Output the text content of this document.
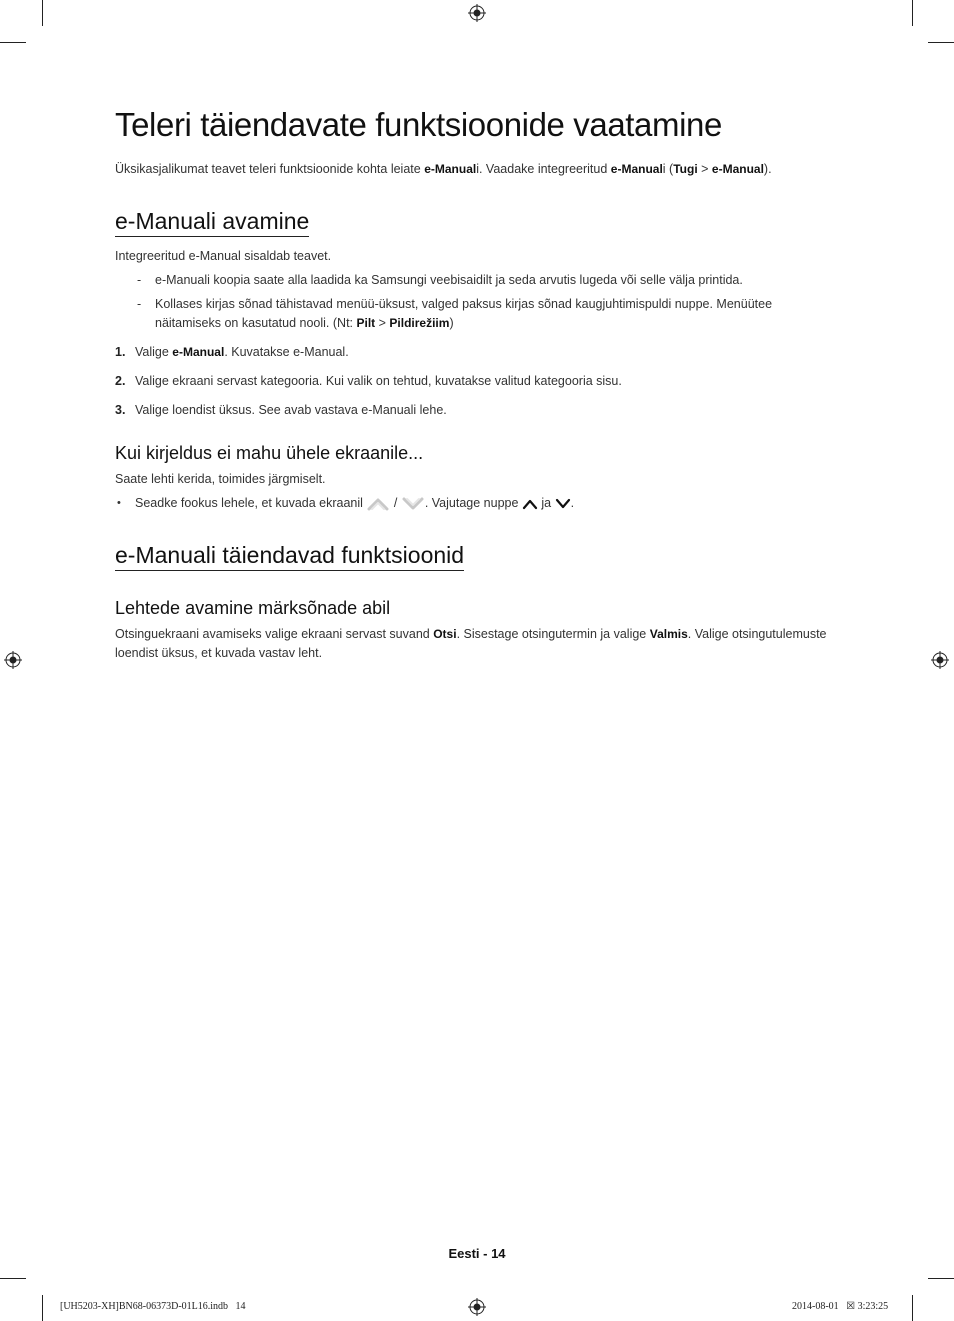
Teleri täiendavate funktsioonide vaatamine
Üksikasjalikumat teavet teleri funktsioonide kohta leiate e-Manuali. Vaadake integreeritud e-Manuali (Tugi > e-Manual).
e-Manuali avamine
Integreeritud e-Manual sisaldab teavet.
- e-Manuali koopia saate alla laadida ka Samsungi veebisaidilt ja seda arvutis lugeda või selle välja printida.
- Kollases kirjas sõnad tähistavad menüü-üksust, valged paksus kirjas sõnad kaugjuhtimispuldi nuppe. Menüütee
näitamiseks on kasutatud nooli. (Nt: Pilt > Pildirežiim)
1. Valige e-Manual. Kuvatakse e-Manual.
2. Valige ekraani servast kategooria. Kui valik on tehtud, kuvatakse valitud kategooria sisu.
3. Valige loendist üksus. See avab vastava e-Manuali lehe.
Kui kirjeldus ei mahu ühele ekraanile...
Saate lehti kerida, toimides järgmiselt.
• Seadke fookus lehele, et kuvada ekraanil  / . Vajutage nuppe  ja .
e-Manuali täiendavad funktsioonid
Lehtede avamine märksõnade abil
Otsinguekraani avamiseks valige ekraani servast suvand Otsi. Sisestage otsingutermin ja valige Valmis. Valige otsingutulemuste
loendist üksus, et kuvada vastav leht.
Eesti - 14
[UH5203-XH]BN68-06373D-01L16.indb   14	2014-08-01   ☒ 3:23:25
